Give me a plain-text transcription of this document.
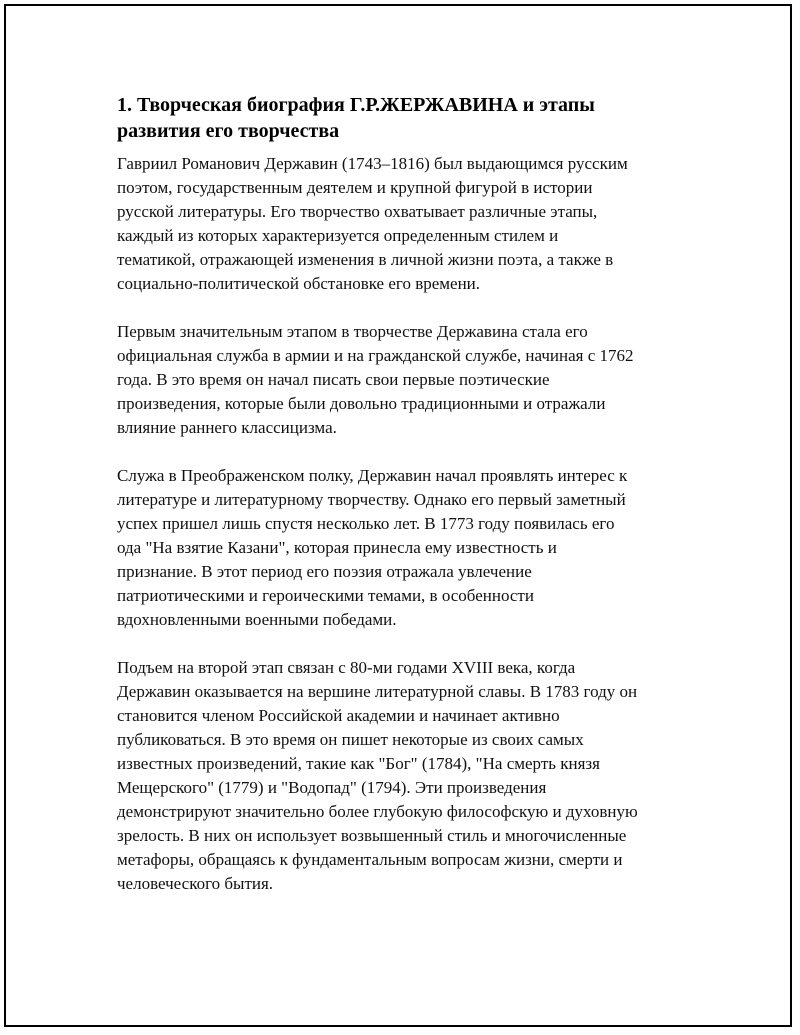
1. Творческая биография Г.Р.ЖЕРЖАВИНА и этапы
развития его творчества

Гавриил Романович Державин (1743–1816) был выдающимся русским
поэтом, государственным деятелем и крупной фигурой в истории
русской литературы. Его творчество охватывает различные этапы,
каждый из которых характеризуется определенным стилем и
тематикой, отражающей изменения в личной жизни поэта, а также в
социально-политической обстановке его времени.

Первым значительным этапом в творчестве Державина стала его
официальная служба в армии и на гражданской службе, начиная с 1762
года. В это время он начал писать свои первые поэтические
произведения, которые были довольно традиционными и отражали
влияние раннего классицизма.

Служа в Преображенском полку, Державин начал проявлять интерес к
литературе и литературному творчеству. Однако его первый заметный
успех пришел лишь спустя несколько лет. В 1773 году появилась его
ода "На взятие Казани", которая принесла ему известность и
признание. В этот период его поэзия отражала увлечение
патриотическими и героическими темами, в особенности
вдохновленными военными победами.

Подъем на второй этап связан с 80-ми годами XVIII века, когда
Державин оказывается на вершине литературной славы. В 1783 году он
становится членом Российской академии и начинает активно
публиковаться. В это время он пишет некоторые из своих самых
известных произведений, такие как "Бог" (1784), "На смерть князя
Мещерского" (1779) и "Водопад" (1794). Эти произведения
демонстрируют значительно более глубокую философскую и духовную
зрелость. В них он использует возвышенный стиль и многочисленные
метафоры, обращаясь к фундаментальным вопросам жизни, смерти и
человеческого бытия.
